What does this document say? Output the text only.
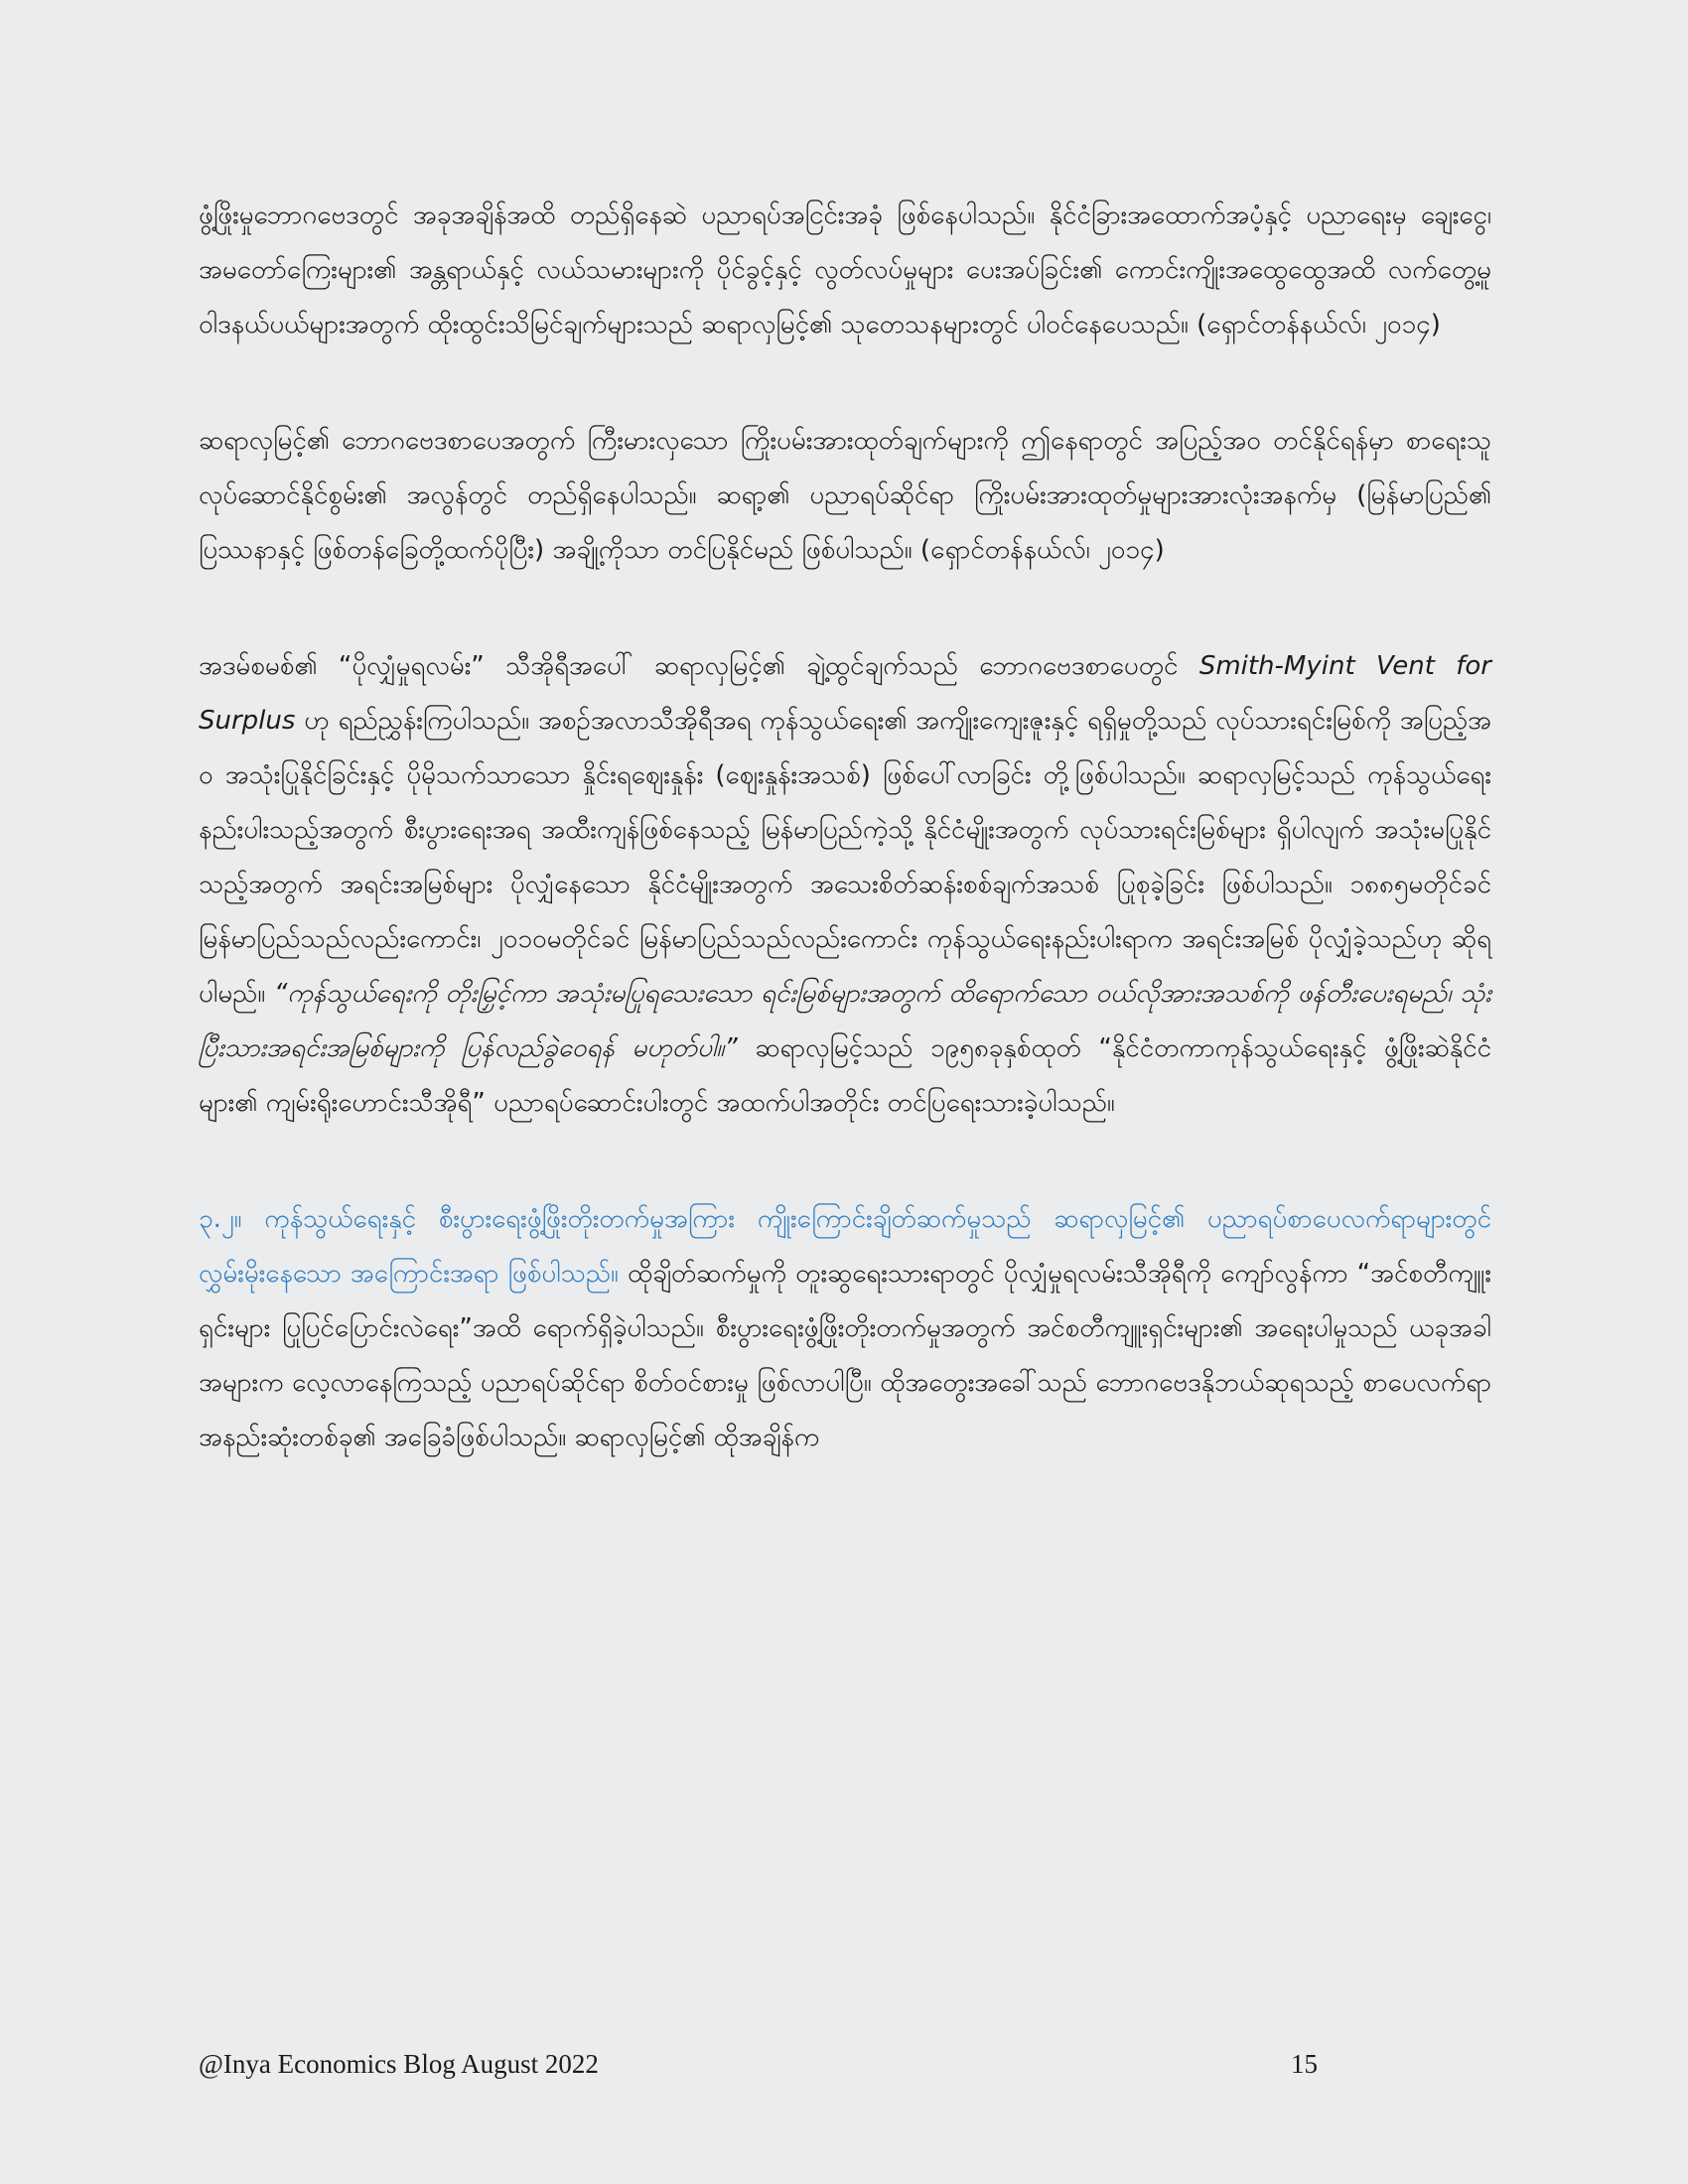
ဖွံ့ဖြိုးမှုဘောဂဗေဒတွင် အခုအချိန်အထိ တည်ရှိနေဆဲ ပညာရပ်အငြင်းအခုံ ဖြစ်နေပါသည်။ နိုင်ငံခြားအထောက်အပံ့နှင့် ပညာရေးမှ ချေးငွေ၊ အမတော်ကြေးများ၏ အန္တရာယ်နှင့် လယ်သမားများကို ပိုင်ခွင့်နှင့် လွတ်လပ်မှုများ ပေးအပ်ခြင်း၏ ကောင်းကျိုးအထွေထွေအထိ လက်တွေ့မူဝါဒနယ်ပယ်များအတွက် ထိုးထွင်းသိမြင်ချက်များသည် ဆရာလှမြင့်၏ သုတေသနများတွင် ပါဝင်နေပေသည်။ (ရှောင်တန်နယ်လ်၊ ၂၀၁၄)

ဆရာလှမြင့်၏ ဘောဂဗေဒစာပေအတွက် ကြီးမားလှသော ကြိုးပမ်းအားထုတ်ချက်များကို ဤနေရာတွင် အပြည့်အဝ တင်နိုင်ရန်မှာ စာရေးသူလုပ်ဆောင်နိုင်စွမ်း၏ အလွန်တွင် တည်ရှိနေပါသည်။ ဆရာ့၏ ပညာရပ်ဆိုင်ရာ ကြိုးပမ်းအားထုတ်မှုများအားလုံးအနက်မှ (မြန်မာပြည်၏ ပြဿနာနှင့် ဖြစ်တန်ခြေတို့ထက်ပိုပြီး) အချို့ကိုသာ တင်ပြနိုင်မည် ဖြစ်ပါသည်။ (ရှောင်တန်နယ်လ်၊ ၂၀၁၄)

အဒမ်စမစ်၏ “ပိုလျှံမှုရလမ်း” သီအိုရီအပေါ် ဆရာလှမြင့်၏ ချဲ့ထွင်ချက်သည် ဘောဂဗေဒစာပေတွင် Smith-Myint Vent for Surplus ဟု ရည်ညွှန်းကြပါသည်။ အစဉ်အလာသီအိုရီအရ ကုန်သွယ်ရေး၏ အကျိုးကျေးဇူးနှင့် ရရှိမှုတို့သည် လုပ်သားရင်းမြစ်ကို အပြည့်အဝ အသုံးပြုနိုင်ခြင်းနှင့် ပိုမိုသက်သာသော နှိုင်းရဈေးနှုန်း (ဈေးနှုန်းအသစ်) ဖြစ်ပေါ်လာခြင်း တို့ဖြစ်ပါသည်။ ဆရာလှမြင့်သည် ကုန်သွယ်ရေးနည်းပါးသည့်အတွက် စီးပွားရေးအရ အထီးကျန်ဖြစ်နေသည့် မြန်မာပြည်ကဲ့သို့ နိုင်ငံမျိုးအတွက် လုပ်သားရင်းမြစ်များ ရှိပါလျက် အသုံးမပြုနိုင်သည့်အတွက် အရင်းအမြစ်များ ပိုလျှံနေသော နိုင်ငံမျိုးအတွက် အသေးစိတ်ဆန်းစစ်ချက်အသစ် ပြုစုခဲ့ခြင်း ဖြစ်ပါသည်။ ၁၈၈၅မတိုင်ခင် မြန်မာပြည်သည်လည်းကောင်း၊ ၂၀၁၀မတိုင်ခင် မြန်မာပြည်သည်လည်းကောင်း ကုန်သွယ်ရေးနည်းပါးရာက အရင်းအမြစ် ပိုလျှံခဲ့သည်ဟု ဆိုရပါမည်။ “ကုန်သွယ်ရေးကို တိုးမြှင့်ကာ အသုံးမပြုရသေးသော ရင်းမြစ်များအတွက် ထိရောက်သော ဝယ်လိုအားအသစ်ကို ဖန်တီးပေးရမည်၊ သုံးပြီးသားအရင်းအမြစ်များကို ပြန်လည်ခွဲဝေရန် မဟုတ်ပါ။” ဆရာလှမြင့်သည် ၁၉၅၈ခုနှစ်ထုတ် “နိုင်ငံတကာကုန်သွယ်ရေးနှင့် ဖွံ့ဖြိုးဆဲနိုင်ငံများ၏ ကျမ်းရိုးဟောင်းသီအိုရီ” ပညာရပ်ဆောင်းပါးတွင် အထက်ပါအတိုင်း တင်ပြရေးသားခဲ့ပါသည်။

၃.၂။ ကုန်သွယ်ရေးနှင့် စီးပွားရေးဖွံ့ဖြိုးတိုးတက်မှုအကြား ကျိုးကြောင်းချိတ်ဆက်မှုသည် ဆရာလှမြင့်၏ ပညာရပ်စာပေလက်ရာများတွင် လွှမ်းမိုးနေသော အကြောင်းအရာ ဖြစ်ပါသည်။ ထိုချိတ်ဆက်မှုကို တူးဆွရေးသားရာတွင် ပိုလျှံမှုရလမ်းသီအိုရီကို ကျော်လွန်ကာ “အင်စတီကျူးရှင်းများ ပြုပြင်ပြောင်းလဲရေး”အထိ ရောက်ရှိခဲ့ပါသည်။ စီးပွားရေးဖွံ့ဖြိုးတိုးတက်မှုအတွက် အင်စတီကျူးရှင်းများ၏ အရေးပါမှုသည် ယခုအခါ အများက လေ့လာနေကြသည့် ပညာရပ်ဆိုင်ရာ စိတ်ဝင်စားမှု ဖြစ်လာပါပြီ။ ထိုအတွေးအခေါ်သည် ဘောဂဗေဒနိုဘယ်ဆုရသည့် စာပေလက်ရာ အနည်းဆုံးတစ်ခု၏ အခြေခံဖြစ်ပါသည်။ ဆရာလှမြင့်၏ ထိုအချိန်က

@Inya Economics Blog August 2022	15
